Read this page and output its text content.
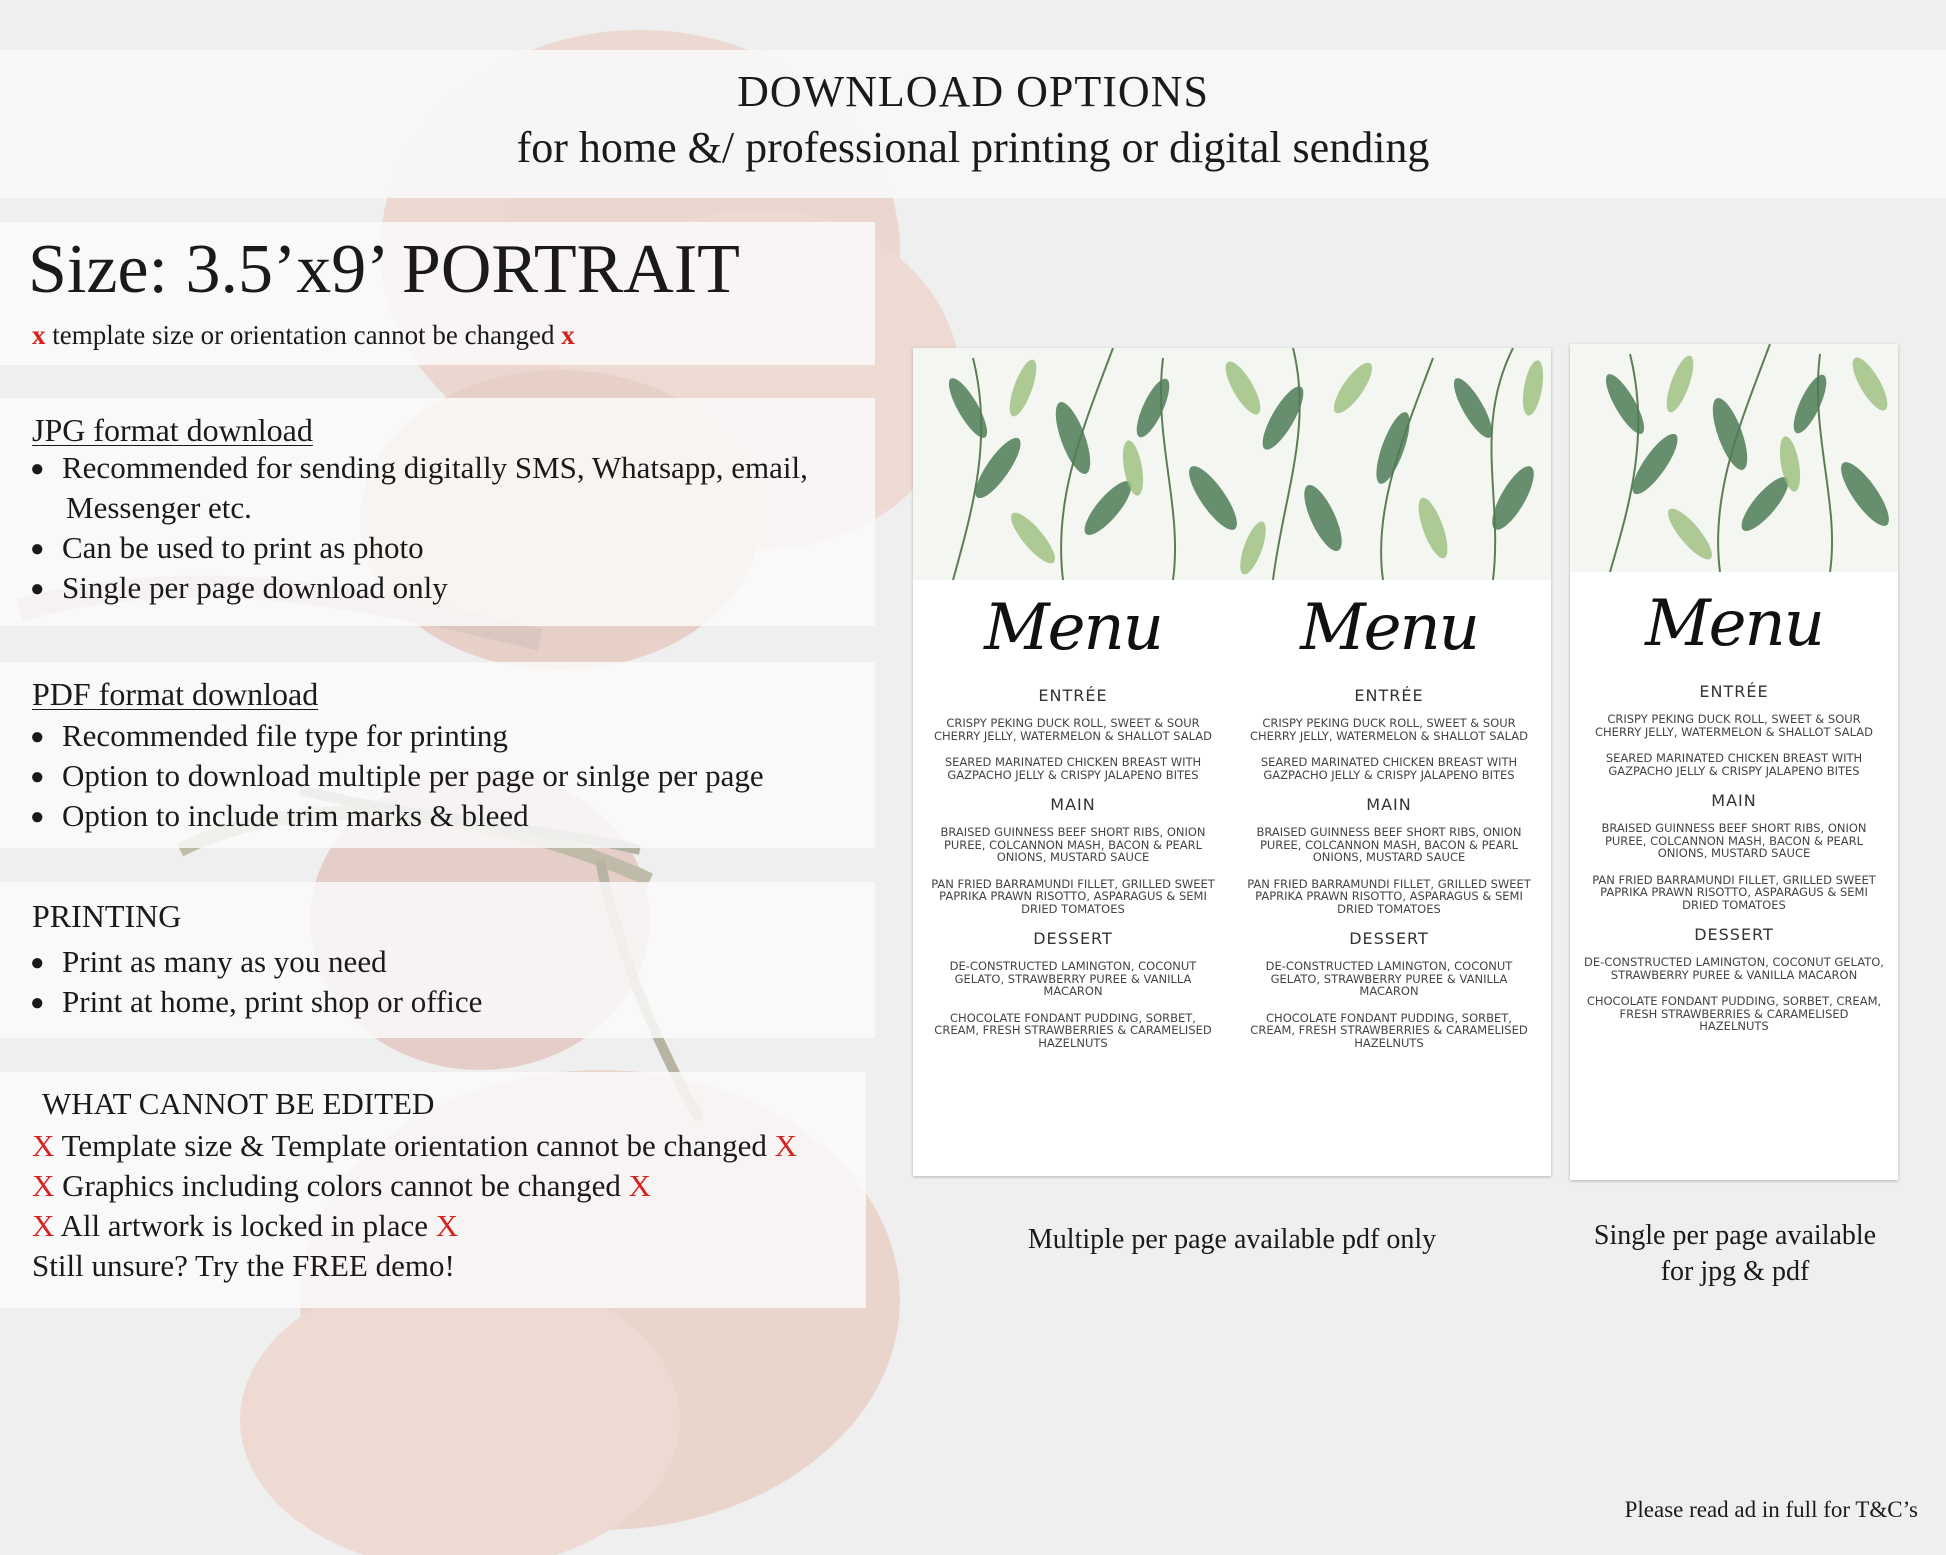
DOWNLOAD OPTIONS
for home &/ professional printing or digital sending
Size: 3.5’x9’ PORTRAIT
x template size or orientation cannot be changed x
JPG format download
● Recommended for sending digitally SMS, Whatsapp, email,
Messenger etc.
● Can be used to print as photo
● Single per page download only
PDF format download
● Recommended file type for printing
● Option to download multiple per page or sinlge per page
● Option to include trim marks & bleed
PRINTING
● Print as many as you need
● Print at home, print shop or office
WHAT CANNOT BE EDITED
X Template size & Template orientation cannot be changed X
X Graphics including colors cannot be changed X
X All artwork is locked in place X
Still unsure? Try the FREE demo!
Menu
ENTRÉE
CRISPY PEKING DUCK ROLL, SWEET & SOUR CHERRY JELLY, WATERMELON & SHALLOT SALAD
SEARED MARINATED CHICKEN BREAST WITH GAZPACHO JELLY & CRISPY JALAPENO BITES
MAIN
BRAISED GUINNESS BEEF SHORT RIBS, ONION PUREE, COLCANNON MASH, BACON & PEARL ONIONS, MUSTARD SAUCE
PAN FRIED BARRAMUNDI FILLET, GRILLED SWEET PAPRIKA PRAWN RISOTTO, ASPARAGUS & SEMI DRIED TOMATOES
DESSERT
DE-CONSTRUCTED LAMINGTON, COCONUT GELATO, STRAWBERRY PUREE & VANILLA MACARON
CHOCOLATE FONDANT PUDDING, SORBET, CREAM, FRESH STRAWBERRIES & CARAMELISED HAZELNUTS
Menu
ENTRÉE
CRISPY PEKING DUCK ROLL, SWEET & SOUR CHERRY JELLY, WATERMELON & SHALLOT SALAD
SEARED MARINATED CHICKEN BREAST WITH GAZPACHO JELLY & CRISPY JALAPENO BITES
MAIN
BRAISED GUINNESS BEEF SHORT RIBS, ONION PUREE, COLCANNON MASH, BACON & PEARL ONIONS, MUSTARD SAUCE
PAN FRIED BARRAMUNDI FILLET, GRILLED SWEET PAPRIKA PRAWN RISOTTO, ASPARAGUS & SEMI DRIED TOMATOES
DESSERT
DE-CONSTRUCTED LAMINGTON, COCONUT GELATO, STRAWBERRY PUREE & VANILLA MACARON
CHOCOLATE FONDANT PUDDING, SORBET, CREAM, FRESH STRAWBERRIES & CARAMELISED HAZELNUTS
Menu
ENTRÉE
CRISPY PEKING DUCK ROLL, SWEET & SOUR CHERRY JELLY, WATERMELON & SHALLOT SALAD
SEARED MARINATED CHICKEN BREAST WITH GAZPACHO JELLY & CRISPY JALAPENO BITES
MAIN
BRAISED GUINNESS BEEF SHORT RIBS, ONION PUREE, COLCANNON MASH, BACON & PEARL ONIONS, MUSTARD SAUCE
PAN FRIED BARRAMUNDI FILLET, GRILLED SWEET PAPRIKA PRAWN RISOTTO, ASPARAGUS & SEMI DRIED TOMATOES
DESSERT
DE-CONSTRUCTED LAMINGTON, COCONUT GELATO, STRAWBERRY PUREE & VANILLA MACARON
CHOCOLATE FONDANT PUDDING, SORBET, CREAM, FRESH STRAWBERRIES & CARAMELISED HAZELNUTS
Multiple per page available pdf only	Single per page available
for jpg & pdf
Please read ad in full for T&C’s
